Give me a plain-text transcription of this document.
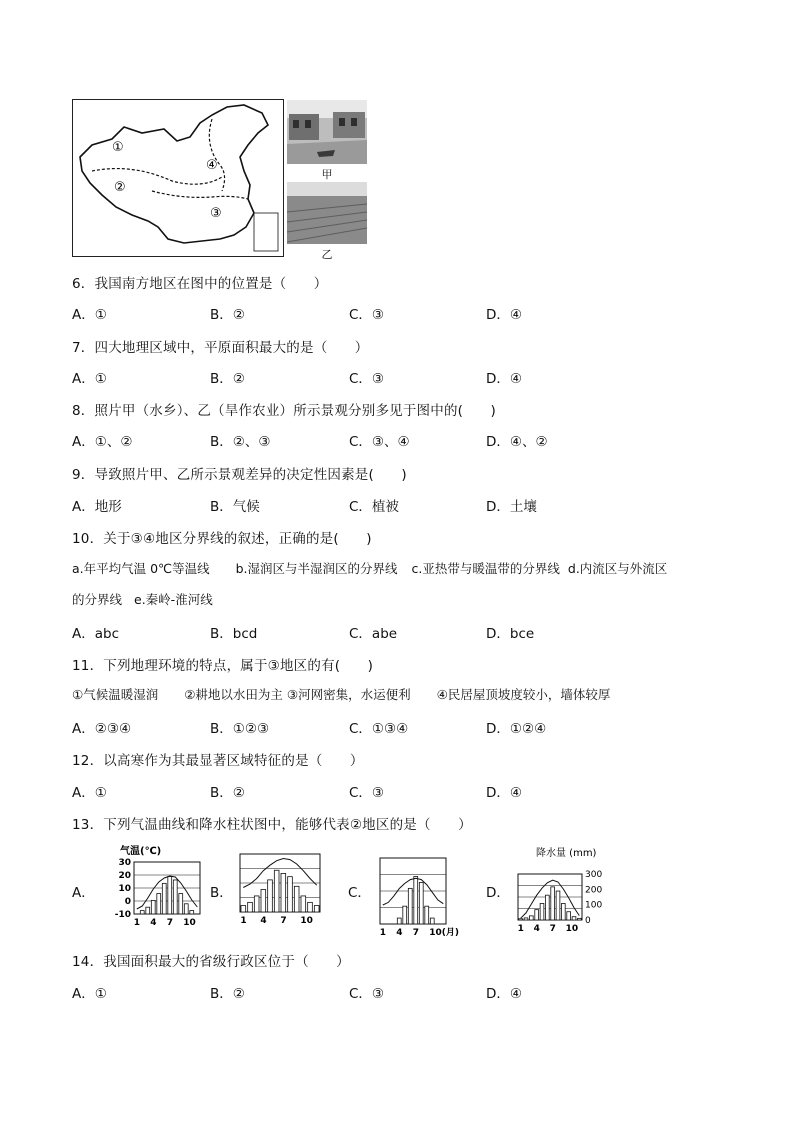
①
②
③
④
甲
乙
6．我国南方地区在图中的位置是（　　）
A．①	B．②	C．③	D．④
7．四大地理区域中，平原面积最大的是（　　）
A．①	B．②	C．③	D．④
8．照片甲（水乡）、乙（旱作农业）所示景观分别多见于图中的(　　)
A．①、②	B．②、③	C．③、④	D．④、②
9．导致照片甲、乙所示景观差异的决定性因素是(　　)
A．地形	B．气候	C．植被	D．土壤
10．关于③④地区分界线的叙述，正确的是(　　)
a.年平均气温 0℃等温线 b.湿润区与半湿润区的分界线 c.亚热带与暖温带的分界线 d.内流区与外流区
的分界线 e.秦岭-淮河线
A．abc	B．bcd	C．abe	D．bce
11．下列地理环境的特点，属于③地区的有(　　)
①气候温暖湿润 ②耕地以水田为主 ③河网密集，水运便利 ④民居屋顶坡度较小，墙体较厚
A．②③④	B．①②③	C．①③④	D．①②④
12．以高寒作为其最显著区域特征的是（　　）
A．①	B．②	C．③	D．④
13．下列气温曲线和降水柱状图中，能够代表②地区的是（　　）
A．
1 4 7 10
30
20
10
0
-10
气温(℃)
B．
1 4 7 10
C．
1 4 7 10(月)
D．
1 4 7 10
300
200
100
0
降水量 (mm)
14．我国面积最大的省级行政区位于（　　）
A．①	B．②	C．③	D．④
